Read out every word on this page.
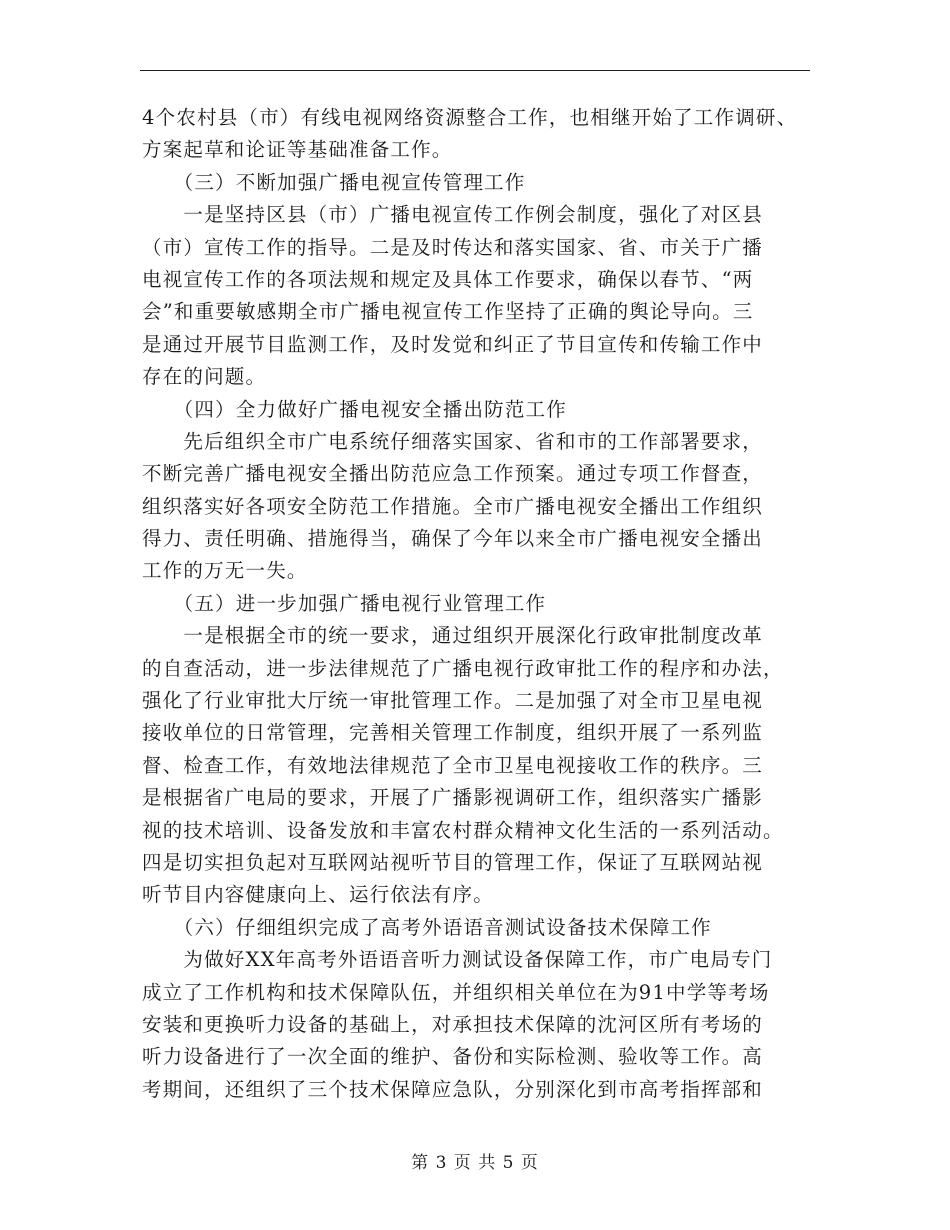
4个农村县（市）有线电视网络资源整合工作，也相继开始了工作调研、
方案起草和论证等基础准备工作。
　　（三）不断加强广播电视宣传管理工作
　　一是坚持区县（市）广播电视宣传工作例会制度，强化了对区县
（市）宣传工作的指导。二是及时传达和落实国家、省、市关于广播
电视宣传工作的各项法规和规定及具体工作要求，确保以春节、“两
会”和重要敏感期全市广播电视宣传工作坚持了正确的舆论导向。三
是通过开展节目监测工作，及时发觉和纠正了节目宣传和传输工作中
存在的问题。
　　（四）全力做好广播电视安全播出防范工作
　　先后组织全市广电系统仔细落实国家、省和市的工作部署要求，
不断完善广播电视安全播出防范应急工作预案。通过专项工作督查，
组织落实好各项安全防范工作措施。全市广播电视安全播出工作组织
得力、责任明确、措施得当，确保了今年以来全市广播电视安全播出
工作的万无一失。
　　（五）进一步加强广播电视行业管理工作
　　一是根据全市的统一要求，通过组织开展深化行政审批制度改革
的自查活动，进一步法律规范了广播电视行政审批工作的程序和办法，
强化了行业审批大厅统一审批管理工作。二是加强了对全市卫星电视
接收单位的日常管理，完善相关管理工作制度，组织开展了一系列监
督、检查工作，有效地法律规范了全市卫星电视接收工作的秩序。三
是根据省广电局的要求，开展了广播影视调研工作，组织落实广播影
视的技术培训、设备发放和丰富农村群众精神文化生活的一系列活动。
四是切实担负起对互联网站视听节目的管理工作，保证了互联网站视
听节目内容健康向上、运行依法有序。
　　（六）仔细组织完成了高考外语语音测试设备技术保障工作
　　为做好XX年高考外语语音听力测试设备保障工作，市广电局专门
成立了工作机构和技术保障队伍，并组织相关单位在为91中学等考场
安装和更换听力设备的基础上，对承担技术保障的沈河区所有考场的
听力设备进行了一次全面的维护、备份和实际检测、验收等工作。高
考期间，还组织了三个技术保障应急队，分别深化到市高考指挥部和
第 3 页 共 5 页
